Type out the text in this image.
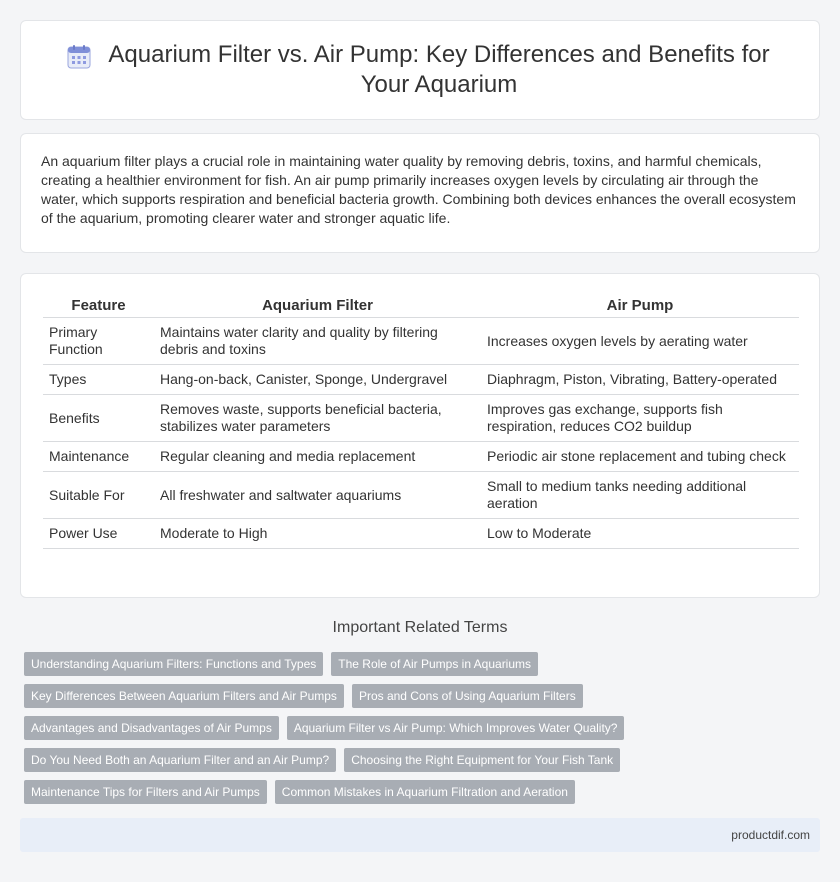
Aquarium Filter vs. Air Pump: Key Differences and Benefits for Your Aquarium

An aquarium filter plays a crucial role in maintaining water quality by removing debris, toxins, and harmful chemicals, creating a healthier environment for fish. An air pump primarily increases oxygen levels by circulating air through the water, which supports respiration and beneficial bacteria growth. Combining both devices enhances the overall ecosystem of the aquarium, promoting clearer water and stronger aquatic life.

Feature	Aquarium Filter	Air Pump
Primary Function	Maintains water clarity and quality by filtering debris and toxins	Increases oxygen levels by aerating water
Types	Hang-on-back, Canister, Sponge, Undergravel	Diaphragm, Piston, Vibrating, Battery-operated
Benefits	Removes waste, supports beneficial bacteria, stabilizes water parameters	Improves gas exchange, supports fish respiration, reduces CO2 buildup
Maintenance	Regular cleaning and media replacement	Periodic air stone replacement and tubing check
Suitable For	All freshwater and saltwater aquariums	Small to medium tanks needing additional aeration
Power Use	Moderate to High	Low to Moderate
Important Related Terms
Understanding Aquarium Filters: Functions and Types	The Role of Air Pumps in Aquariums
Key Differences Between Aquarium Filters and Air Pumps	Pros and Cons of Using Aquarium Filters
Advantages and Disadvantages of Air Pumps	Aquarium Filter vs Air Pump: Which Improves Water Quality?
Do You Need Both an Aquarium Filter and an Air Pump?	Choosing the Right Equipment for Your Fish Tank
Maintenance Tips for Filters and Air Pumps	Common Mistakes in Aquarium Filtration and Aeration
productdif.com
